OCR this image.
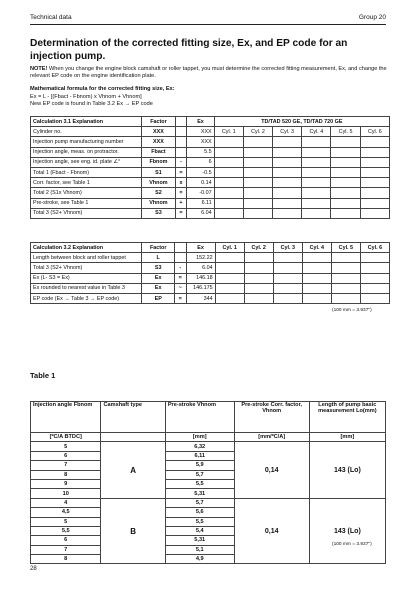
Technical data	Group 20
Determination of the corrected fitting size, Ex, and EP code for an injection pump.
NOTE! When you change the engine block camshaft or roller tappet, you must determine the corrected fitting measurement, Ex, and change the relevant EP code on the engine identification plate.
Mathematical formula for the corrected fitting size, Ex:
Ex = L - [(Fbact - Fbnom) x Vhnom + Vhnom]
New EP code is found in Table 3.2 Ex → EP code
Calculation 3.1 Explanation	Factor		Ex	TD/TAD 520 GE, TD/TAD 720 GE					
Cylinder no.	XXX		XXX	Cyl. 1	Cyl. 2	Cyl. 3	Cyl. 4	Cyl. 5	Cyl. 6
Injection pump manufacturing number	XXX		XXX						
Injection angle, meas. on protractor.	Fbact		5.5						
Injection angle, see eng. id. plate ∠°	Fbnom	-	6						
Total 1 (Fbact - Fbnom)	S1	=	-0.5						
Corr. factor, see Table 1	Vhnom	x	0.14						
Total 2 (S1x Vhnom)	S2	=	-0.07						
Pre-stroke, see Table 1	Vhnom	+	6.11						
Total 3 (S2+ Vhnom)	S3	=	6.04						
Calculation 3.2 Explanation	Factor		Ex	Cyl. 1	Cyl. 2	Cyl. 3	Cyl. 4	Cyl. 5	Cyl. 6
Length between block and roller tappet	L		152.22						
Total 3 (S2+ Vhnom)	S3	-	6.04						
Ex (L- S3 = Ex)	Ex	=	146.18						
Ex rounded to nearest value in Table 3	Ex	~	146.175						
EP code (Ex → Table 3 → EP code)	EP	=	344						
(100 mm = 3.937")
Table 1
Injection angle Fbnom	Camshaft type	Pre-stroke Vhnom	Pre-stroke Corr. factor, Vhnom	Length of pump basic measurement Lo(mm)
[ºC/A BTDC]		[mm]	[mm/ºC/A]	[mm]
5	A	6,32	0,14	143 (Lo)
6		6,11		
7		5,9		
8		5,7		
9		5,5		
10		5,31		
4	B	5,7	0,14	143 (Lo)
4,5		5,6		
5		5,5		
5,5		5,4		
6		5,31		
7		5,1		
8		4,9		
(100 mm = 3.937")
28
